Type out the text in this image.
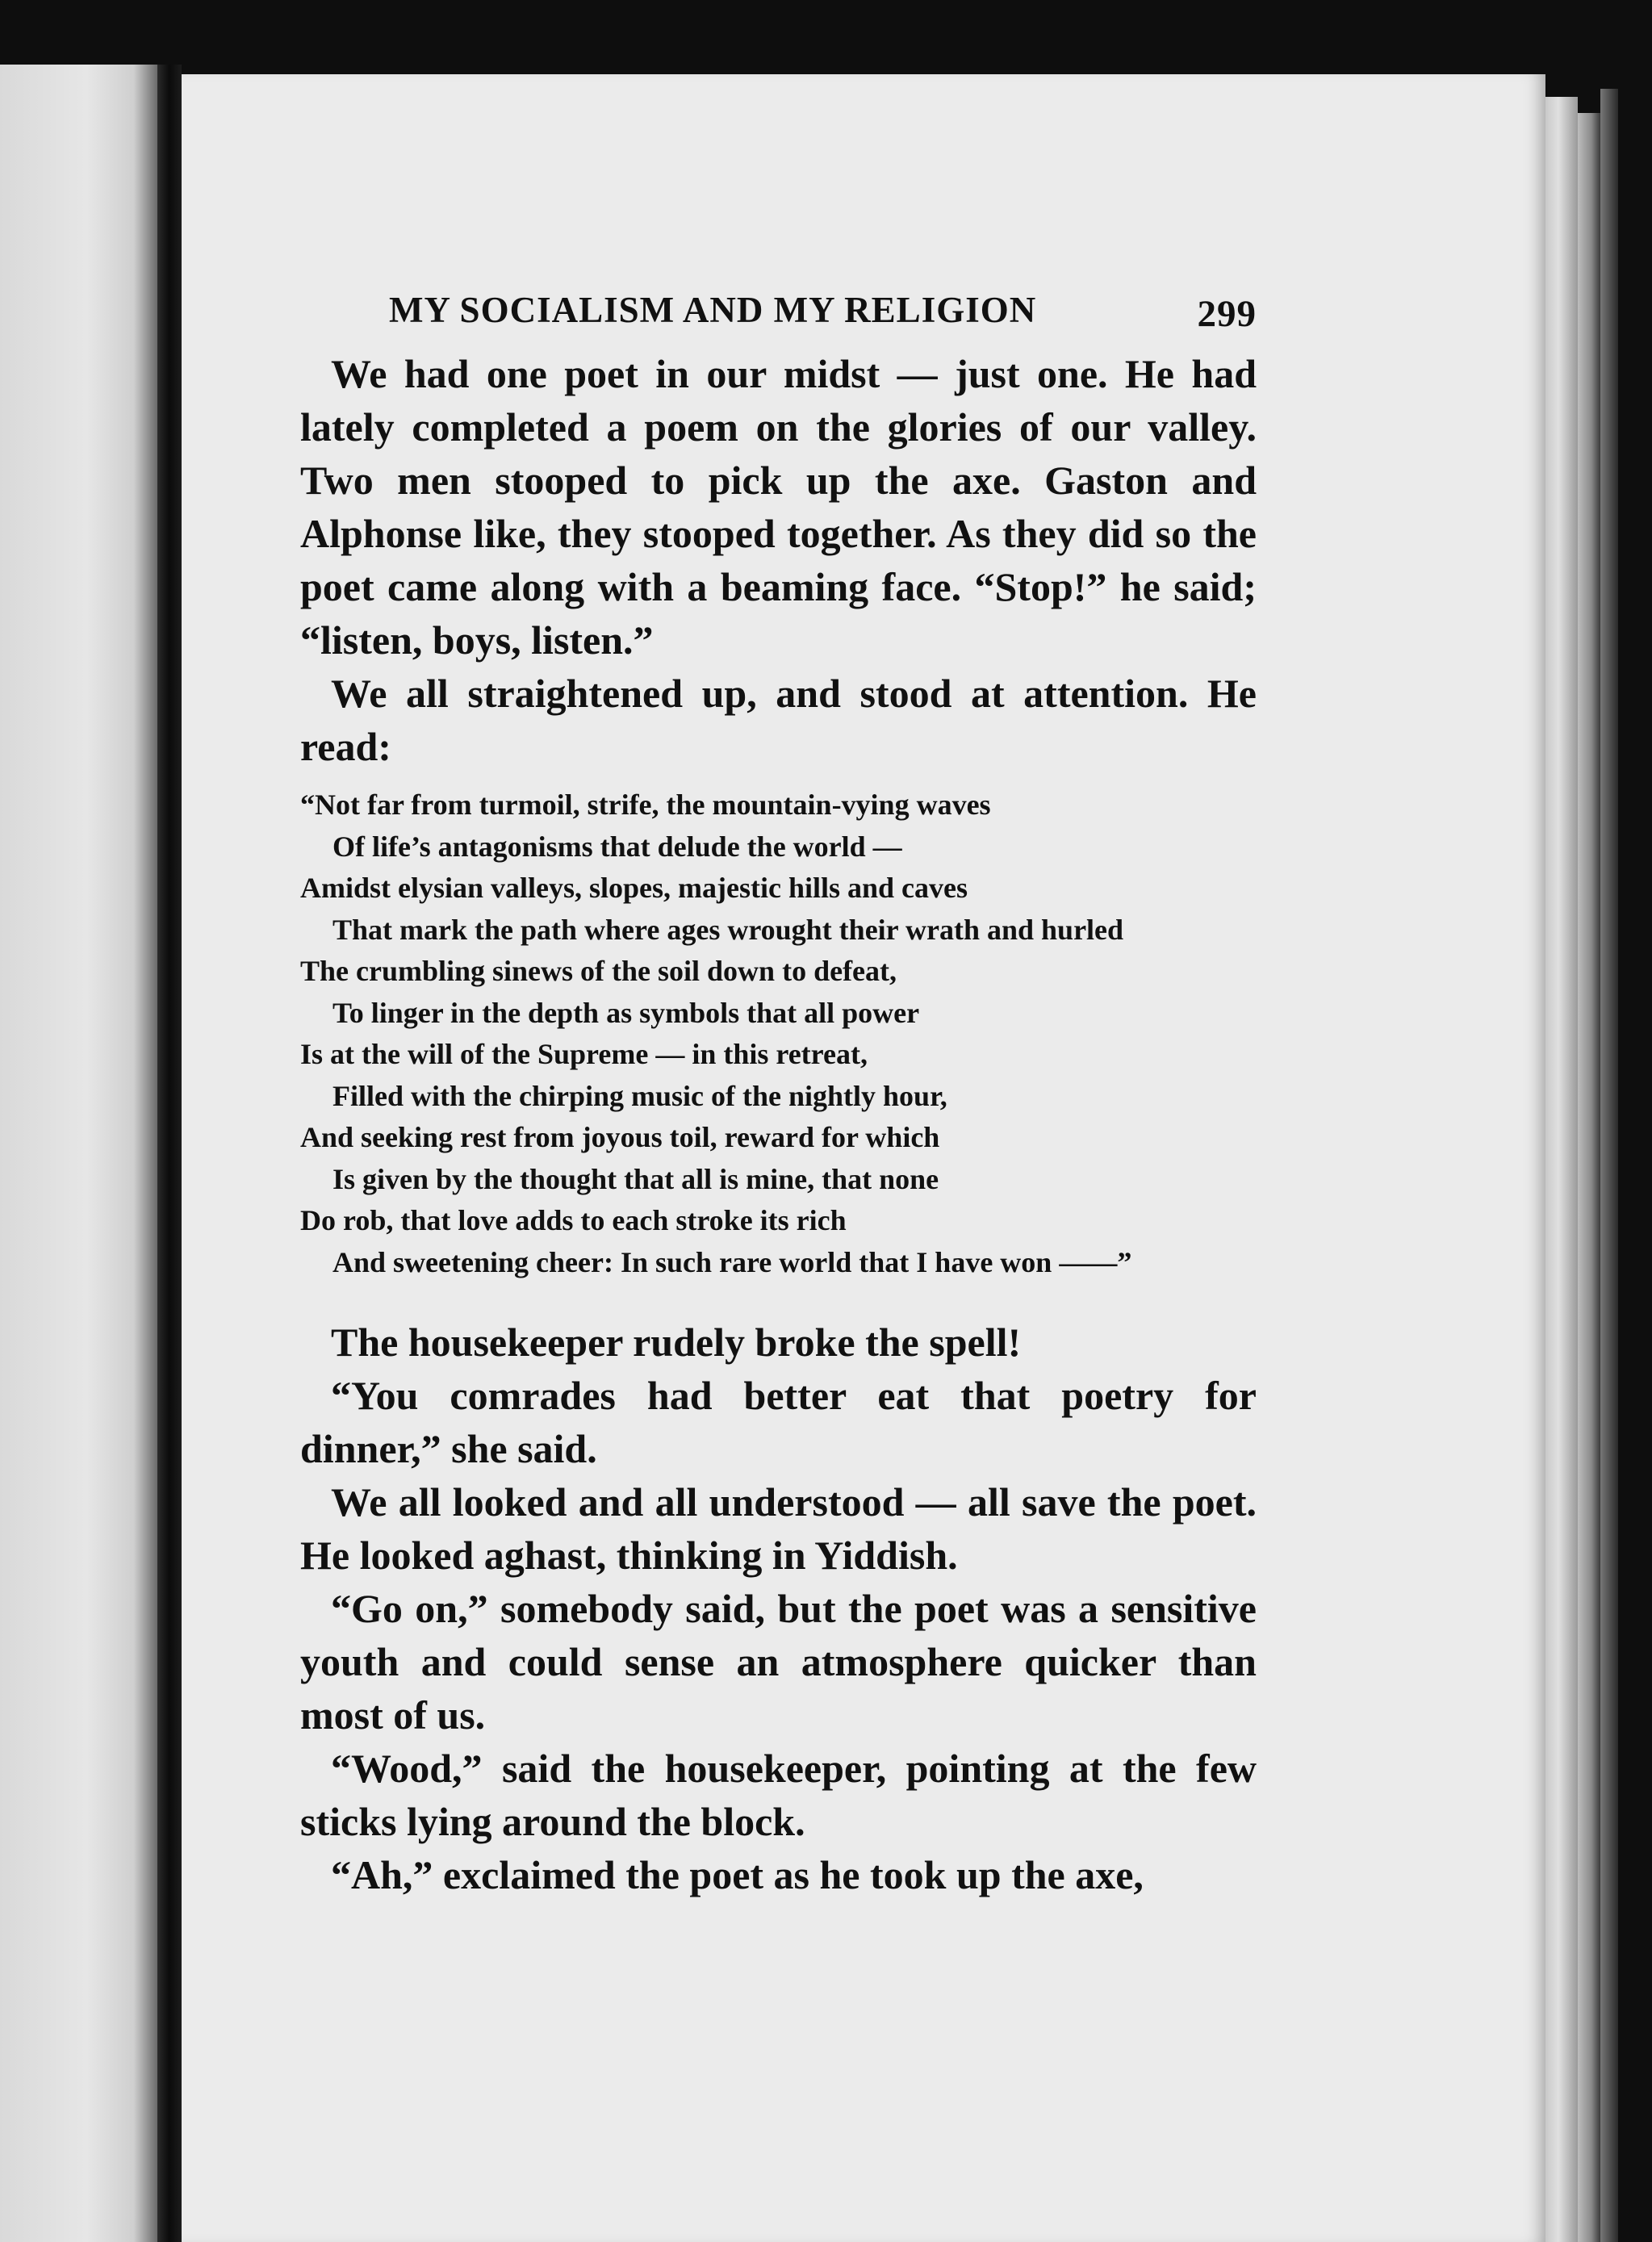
MY SOCIALISM AND MY RELIGION	299

We had one poet in our midst — just one. He had lately completed a poem on the glories of our valley. Two men stooped to pick up the axe. Gaston and Alphonse like, they stooped together. As they did so the poet came along with a beaming face. “Stop!” he said; “listen, boys, listen.”

We all straightened up, and stood at attention. He read:

“Not far from turmoil, strife, the mountain-vying waves
Of life’s antagonisms that delude the world —
Amidst elysian valleys, slopes, majestic hills and caves
That mark the path where ages wrought their wrath and hurled
The crumbling sinews of the soil down to defeat,
To linger in the depth as symbols that all power
Is at the will of the Supreme — in this retreat,
Filled with the chirping music of the nightly hour,
And seeking rest from joyous toil, reward for which
Is given by the thought that all is mine, that none
Do rob, that love adds to each stroke its rich
And sweetening cheer: In such rare world that I have won ——”

The housekeeper rudely broke the spell!

“You comrades had better eat that poetry for dinner,” she said.

We all looked and all understood — all save the poet. He looked aghast, thinking in Yiddish.

“Go on,” somebody said, but the poet was a sensitive youth and could sense an atmosphere quicker than most of us.

“Wood,” said the housekeeper, pointing at the few sticks lying around the block.

“Ah,” exclaimed the poet as he took up the axe,
